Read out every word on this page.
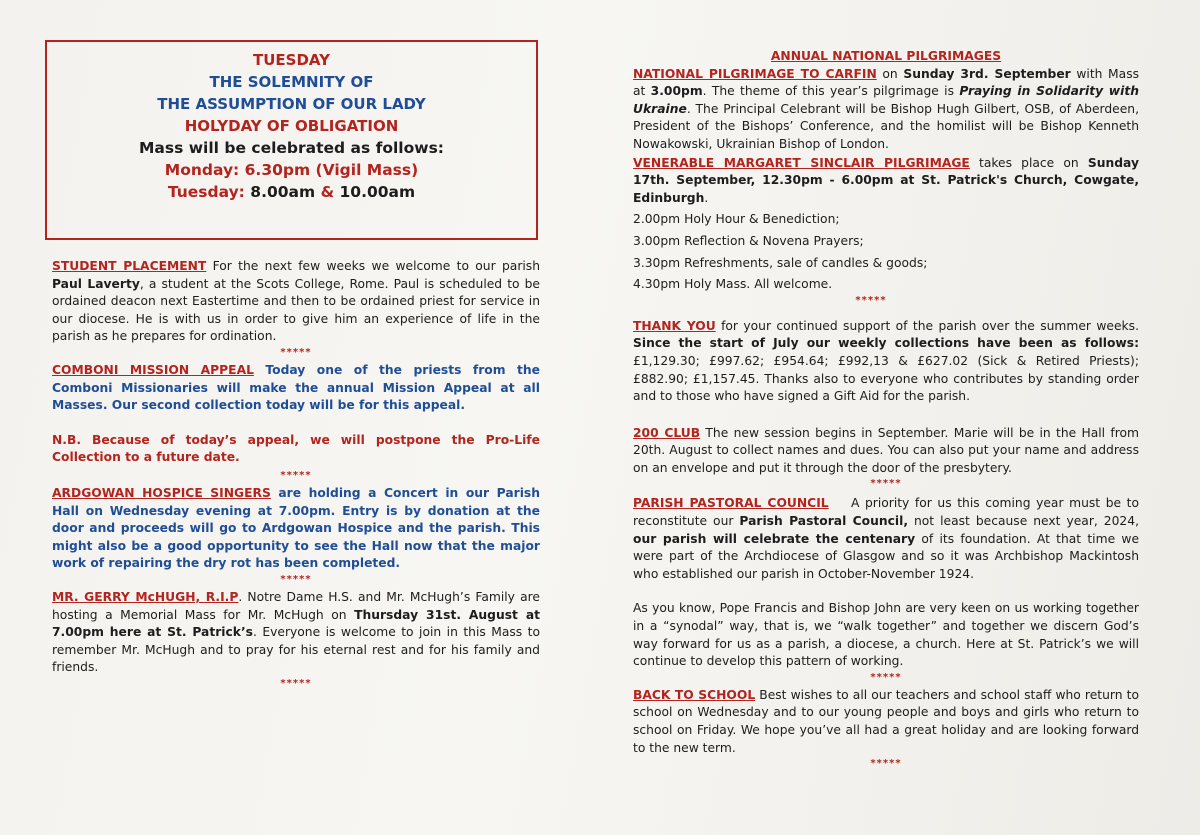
TUESDAY
THE SOLEMNITY OF
THE ASSUMPTION OF OUR LADY
HOLYDAY OF OBLIGATION
Mass will be celebrated as follows:
Monday: 6.30pm (Vigil Mass)
Tuesday: 8.00am & 10.00am

STUDENT PLACEMENT For the next few weeks we welcome to our parish Paul Laverty, a student at the Scots College, Rome. Paul is scheduled to be ordained deacon next Eastertime and then to be ordained priest for service in our diocese. He is with us in order to give him an experience of life in the parish as he prepares for ordination.

*****

COMBONI MISSION APPEAL Today one of the priests from the Comboni Missionaries will make the annual Mission Appeal at all Masses. Our second collection today will be for this appeal.

N.B. Because of today’s appeal, we will postpone the Pro-Life Collection to a future date.

*****

ARDGOWAN HOSPICE SINGERS are holding a Concert in our Parish Hall on Wednesday evening at 7.00pm. Entry is by donation at the door and proceeds will go to Ardgowan Hospice and the parish. This might also be a good opportunity to see the Hall now that the major work of repairing the dry rot has been completed.

*****

MR. GERRY McHUGH, R.I.P. Notre Dame H.S. and Mr. McHugh’s Family are hosting a Memorial Mass for Mr. McHugh on Thursday 31st. August at 7.00pm here at St. Patrick’s. Everyone is welcome to join in this Mass to remember Mr. McHugh and to pray for his eternal rest and for his family and friends.

*****
ANNUAL NATIONAL PILGRIMAGES

NATIONAL PILGRIMAGE TO CARFIN on Sunday 3rd. September with Mass at 3.00pm. The theme of this year’s pilgrimage is Praying in Solidarity with Ukraine. The Principal Celebrant will be Bishop Hugh Gilbert, OSB, of Aberdeen, President of the Bishops’ Conference, and the homilist will be Bishop Kenneth Nowakowski, Ukrainian Bishop of London.

VENERABLE MARGARET SINCLAIR PILGRIMAGE takes place on Sunday 17th. September, 12.30pm - 6.00pm at St. Patrick's Church, Cowgate, Edinburgh.

2.00pm Holy Hour & Benediction;
3.00pm Reflection & Novena Prayers;
3.30pm Refreshments, sale of candles & goods;
4.30pm Holy Mass. All welcome.
*****

THANK YOU for your continued support of the parish over the summer weeks. Since the start of July our weekly collections have been as follows: £1,129.30; £997.62; £954.64; £992,13 & £627.02 (Sick & Retired Priests); £882.90; £1,157.45. Thanks also to everyone who contributes by standing order and to those who have signed a Gift Aid for the parish.

200 CLUB The new session begins in September. Marie will be in the Hall from 20th. August to collect names and dues. You can also put your name and address on an envelope and put it through the door of the presbytery.

*****

PARISH PASTORAL COUNCIL    A priority for us this coming year must be to reconstitute our Parish Pastoral Council, not least because next year, 2024, our parish will celebrate the centenary of its foundation. At that time we were part of the Archdiocese of Glasgow and so it was Archbishop Mackintosh who established our parish in October-November 1924.

As you know, Pope Francis and Bishop John are very keen on us working together in a “synodal” way, that is, we “walk together” and together we discern God’s way forward for us as a parish, a diocese, a church. Here at St. Patrick’s we will continue to develop this pattern of working.

*****

BACK TO SCHOOL Best wishes to all our teachers and school staff who return to school on Wednesday and to our young people and boys and girls who return to school on Friday. We hope you’ve all had a great holiday and are looking forward to the new term.

*****
